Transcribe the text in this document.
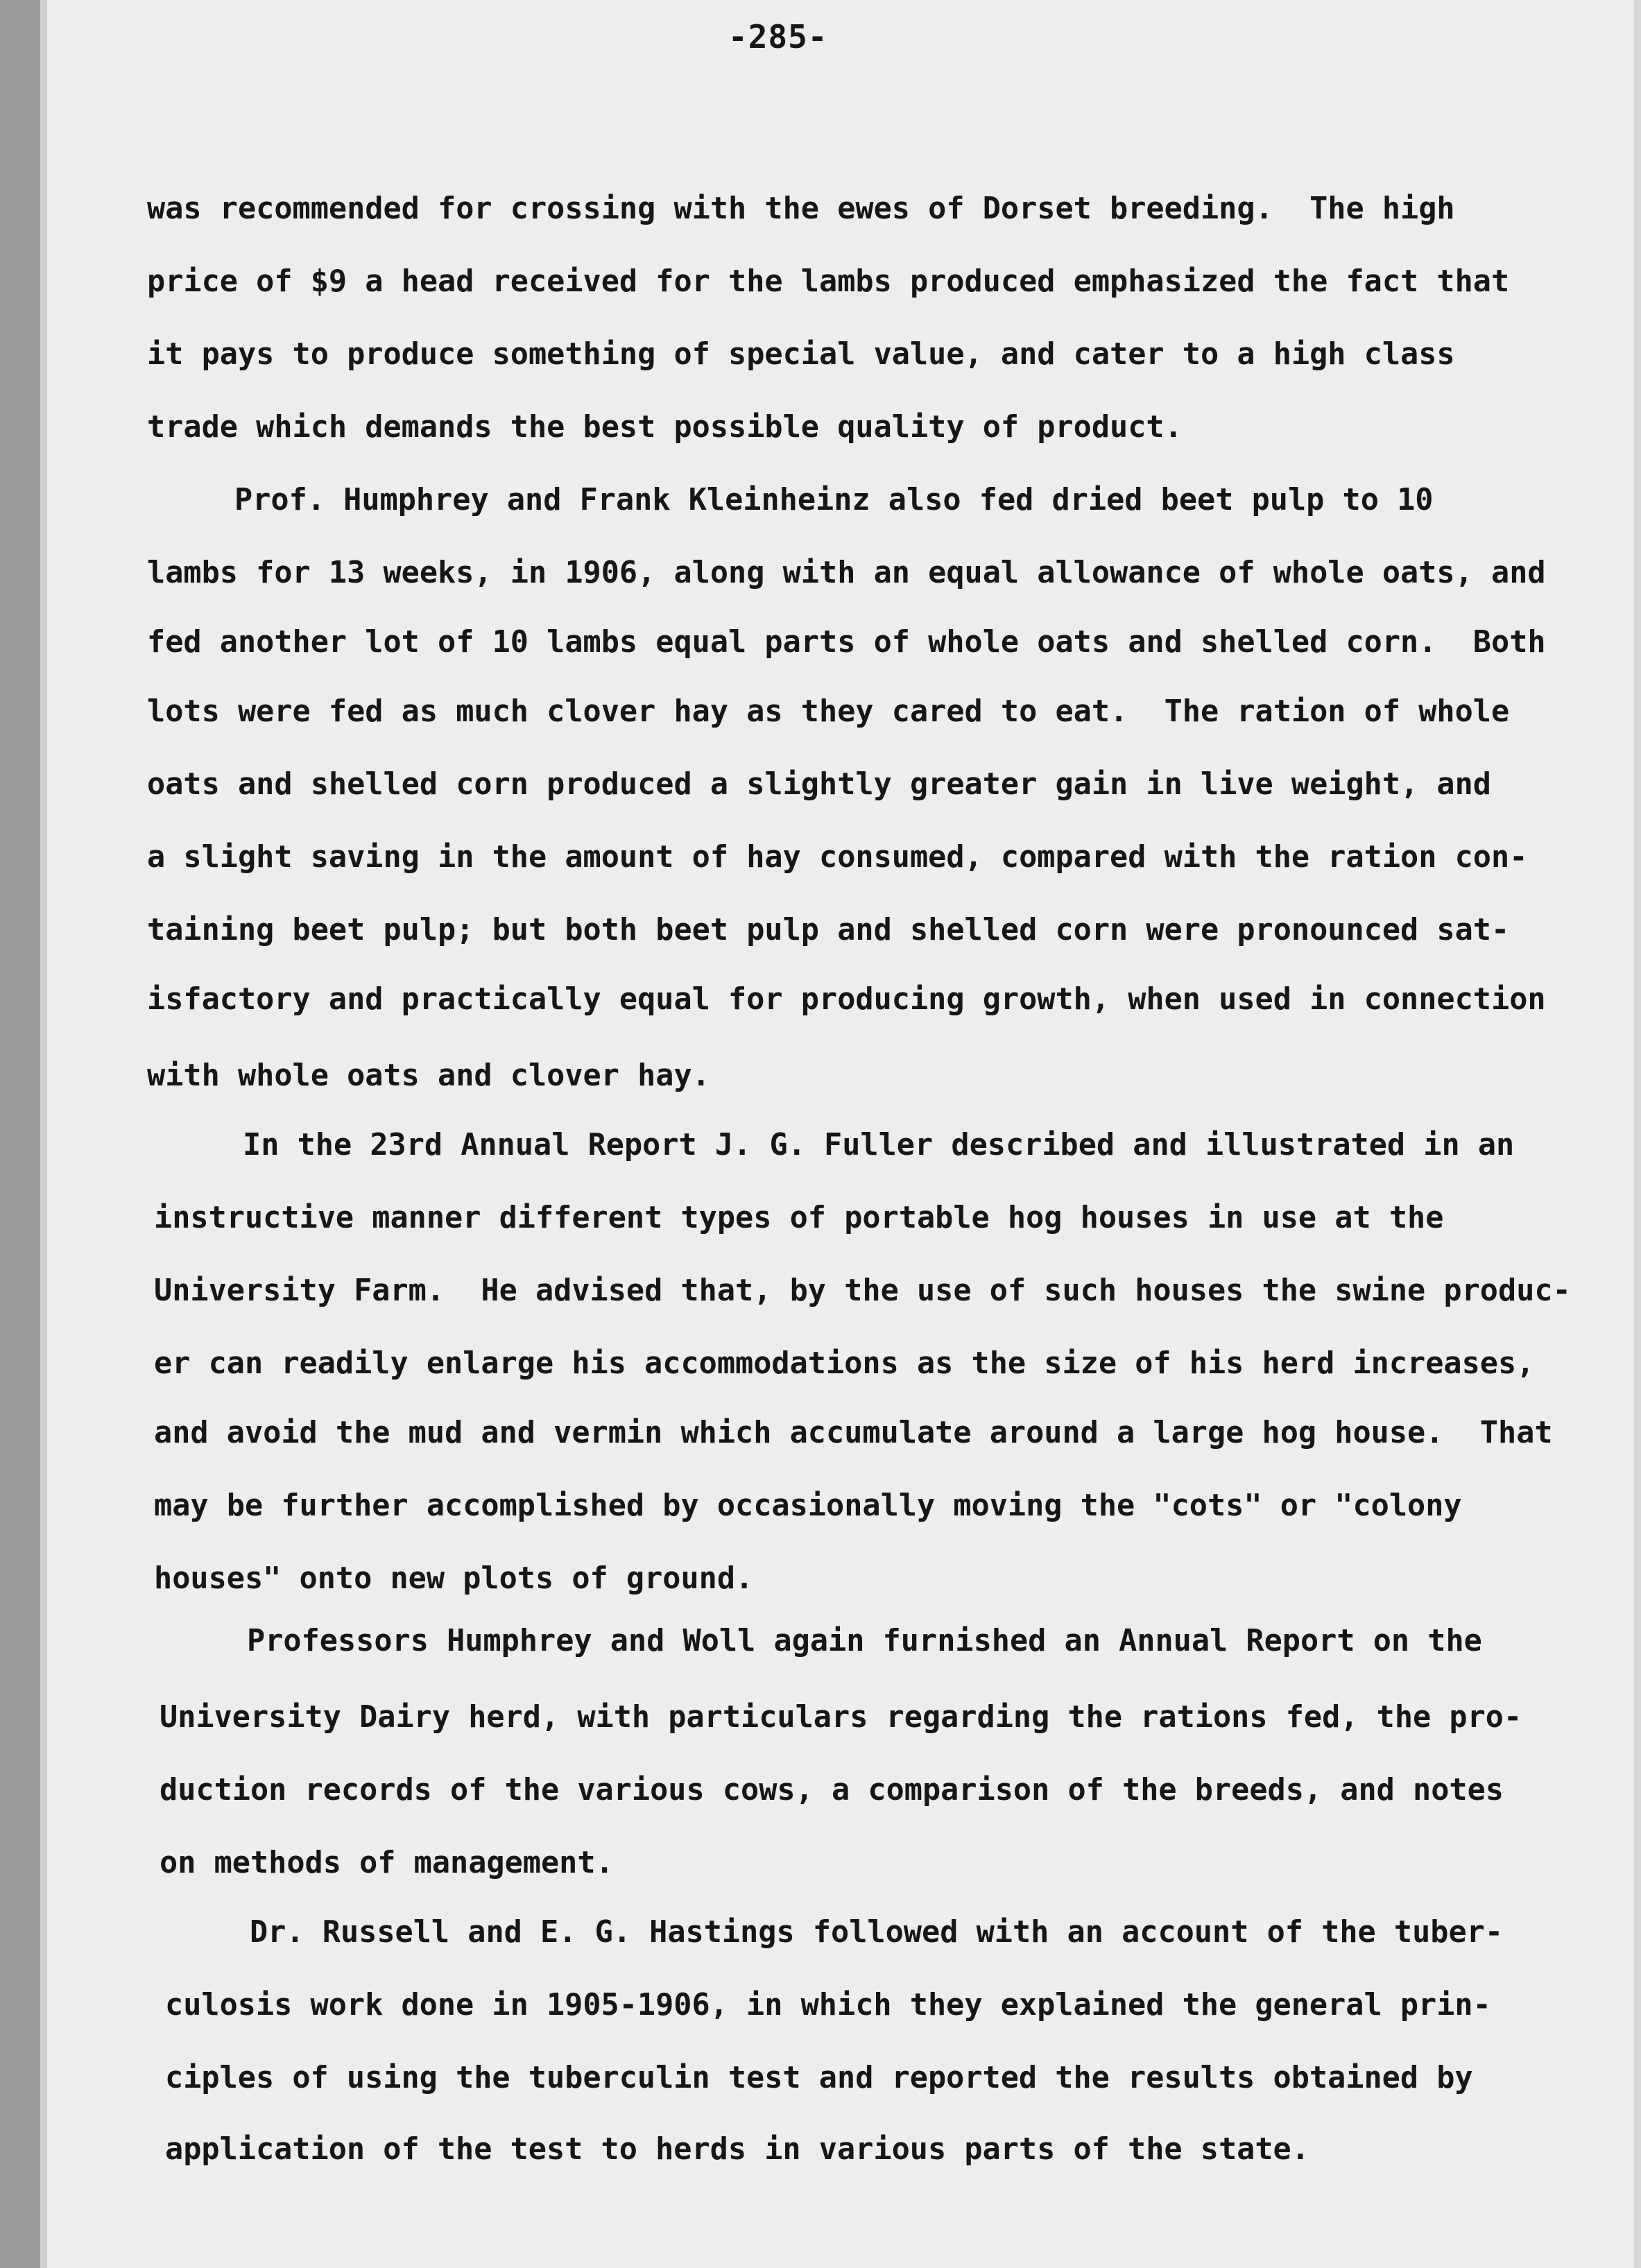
-285-
was recommended for crossing with the ewes of Dorset breeding.  The high
price of $9 a head received for the lambs produced emphasized the fact that
it pays to produce something of special value, and cater to a high class
trade which demands the best possible quality of product.
Prof. Humphrey and Frank Kleinheinz also fed dried beet pulp to 10
lambs for 13 weeks, in 1906, along with an equal allowance of whole oats, and
fed another lot of 10 lambs equal parts of whole oats and shelled corn.  Both
lots were fed as much clover hay as they cared to eat.  The ration of whole
oats and shelled corn produced a slightly greater gain in live weight, and
a slight saving in the amount of hay consumed, compared with the ration con-
taining beet pulp; but both beet pulp and shelled corn were pronounced sat-
isfactory and practically equal for producing growth, when used in connection
with whole oats and clover hay.
In the 23rd Annual Report J. G. Fuller described and illustrated in an
instructive manner different types of portable hog houses in use at the
University Farm.  He advised that, by the use of such houses the swine produc-
er can readily enlarge his accommodations as the size of his herd increases,
and avoid the mud and vermin which accumulate around a large hog house.  That
may be further accomplished by occasionally moving the "cots" or "colony
houses" onto new plots of ground.
Professors Humphrey and Woll again furnished an Annual Report on the
University Dairy herd, with particulars regarding the rations fed, the pro-
duction records of the various cows, a comparison of the breeds, and notes
on methods of management.
Dr. Russell and E. G. Hastings followed with an account of the tuber-
culosis work done in 1905-1906, in which they explained the general prin-
ciples of using the tuberculin test and reported the results obtained by
application of the test to herds in various parts of the state.
